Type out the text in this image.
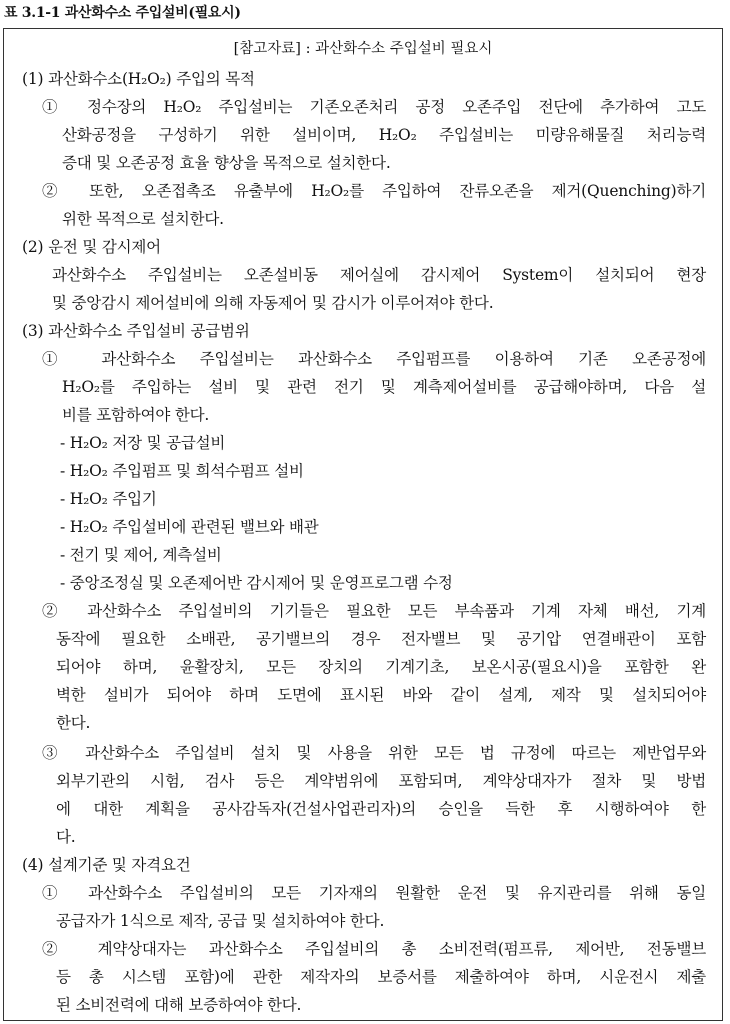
표 3.1-1 과산화수소 주입설비(필요시)
[참고자료] : 과산화수소 주입설비 필요시
(1) 과산화수소(H₂O₂) 주입의 목적
① 정수장의 H₂O₂ 주입설비는 기존오존처리 공정 오존주입 전단에 추가하여 고도
산화공정을 구성하기 위한 설비이며, H₂O₂ 주입설비는 미량유해물질 처리능력
증대 및 오존공정 효율 향상을 목적으로 설치한다.
② 또한, 오존접촉조 유출부에 H₂O₂를 주입하여 잔류오존을 제거(Quenching)하기
위한 목적으로 설치한다.
(2) 운전 및 감시제어
과산화수소 주입설비는 오존설비동 제어실에 감시제어 System이 설치되어 현장
및 중앙감시 제어설비에 의해 자동제어 및 감시가 이루어져야 한다.
(3) 과산화수소 주입설비 공급범위
① 과산화수소 주입설비는 과산화수소 주입펌프를 이용하여 기존 오존공정에
H₂O₂를 주입하는 설비 및 관련 전기 및 계측제어설비를 공급해야하며, 다음 설
비를 포함하여야 한다.
- H₂O₂ 저장 및 공급설비
- H₂O₂ 주입펌프 및 희석수펌프 설비
- H₂O₂ 주입기
- H₂O₂ 주입설비에 관련된 밸브와 배관
- 전기 및 제어, 계측설비
- 중앙조정실 및 오존제어반 감시제어 및 운영프로그램 수정
② 과산화수소 주입설비의 기기들은 필요한 모든 부속품과 기계 자체 배선, 기계
동작에 필요한 소배관, 공기밸브의 경우 전자밸브 및 공기압 연결배관이 포함
되어야 하며, 윤활장치, 모든 장치의 기계기초, 보온시공(필요시)을 포함한 완
벽한 설비가 되어야 하며 도면에 표시된 바와 같이 설계, 제작 및 설치되어야
한다.
③ 과산화수소 주입설비 설치 및 사용을 위한 모든 법 규정에 따르는 제반업무와
외부기관의 시험, 검사 등은 계약범위에 포함되며, 계약상대자가 절차 및 방법
에 대한 계획을 공사감독자(건설사업관리자)의 승인을 득한 후 시행하여야 한
다.
(4) 설계기준 및 자격요건
① 과산화수소 주입설비의 모든 기자재의 원활한 운전 및 유지관리를 위해 동일
공급자가 1식으로 제작, 공급 및 설치하여야 한다.
② 계약상대자는 과산화수소 주입설비의 총 소비전력(펌프류, 제어반, 전동밸브
등 총 시스템 포함)에 관한 제작자의 보증서를 제출하여야 하며, 시운전시 제출
된 소비전력에 대해 보증하여야 한다.
